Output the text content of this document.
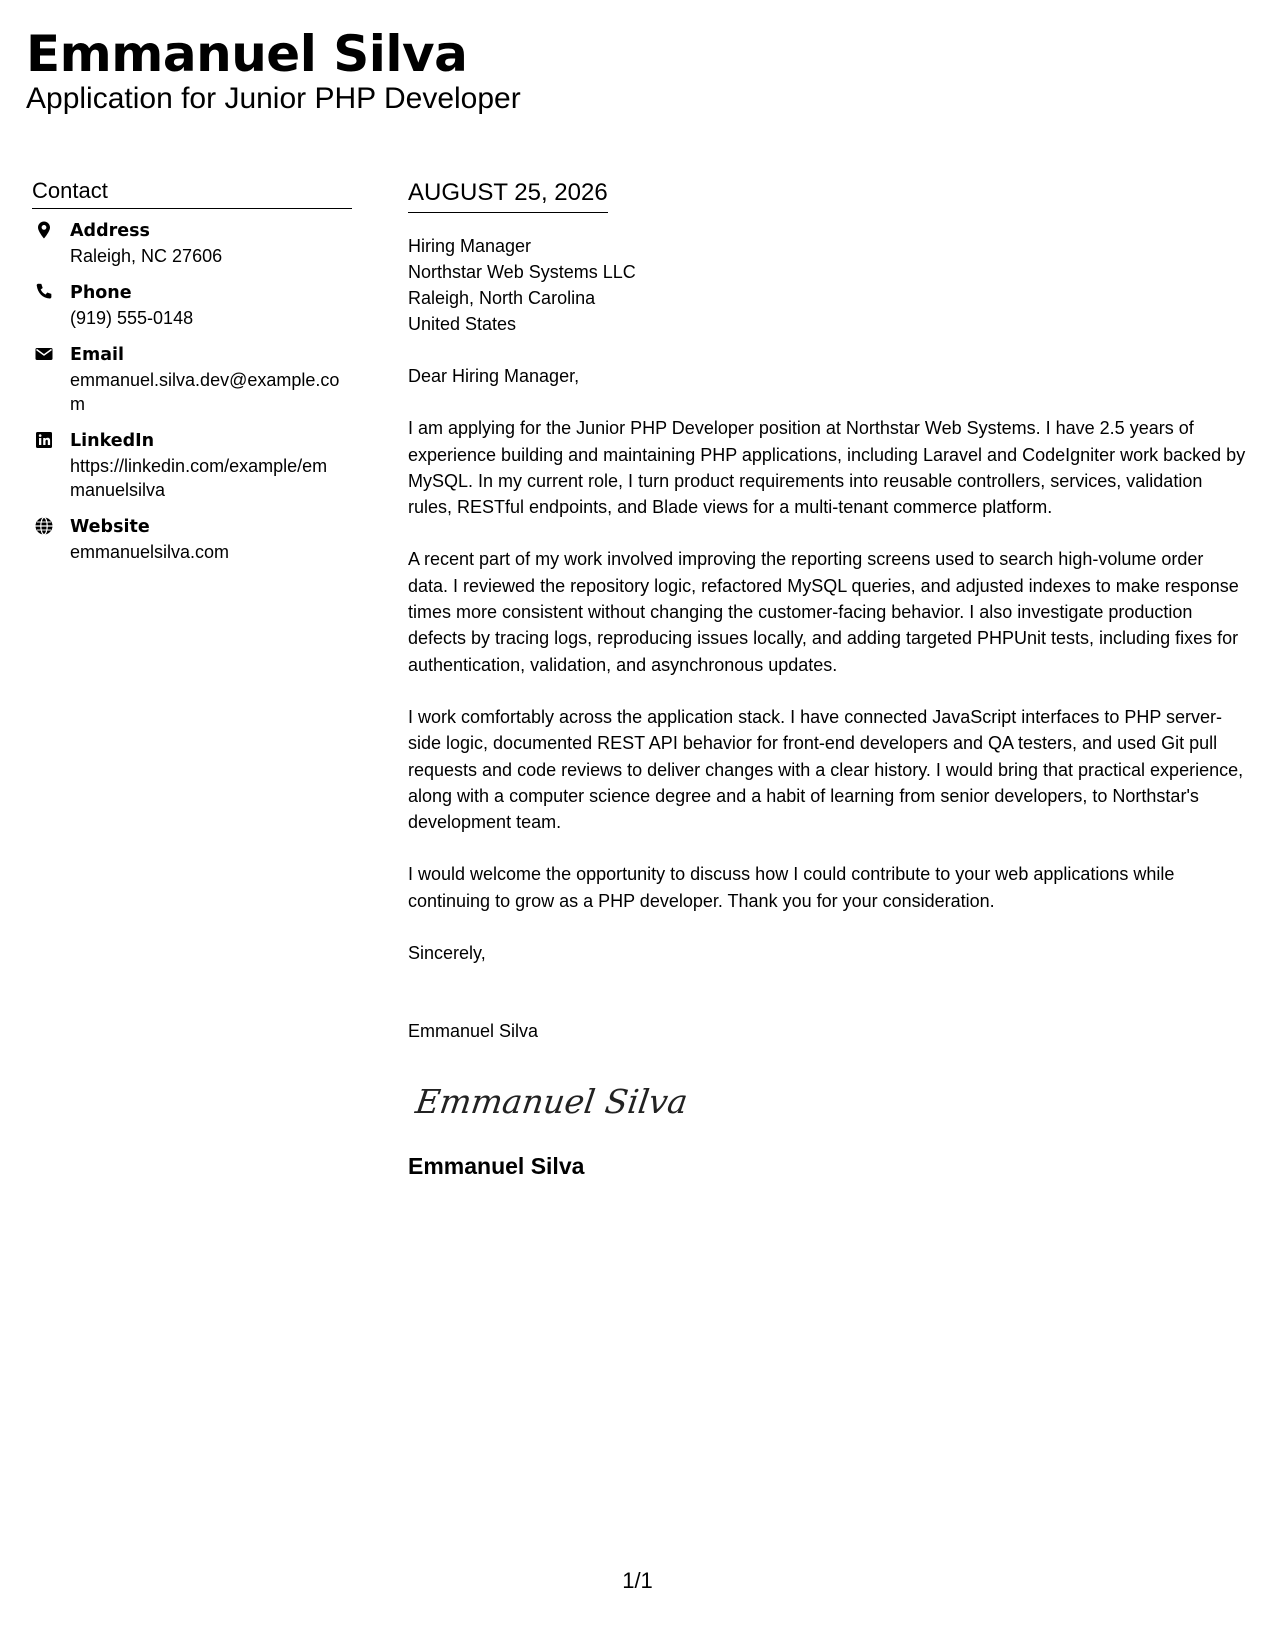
Emmanuel Silva
Application for Junior PHP Developer
Contact
Address
Raleigh, NC 27606
Phone
(919) 555-0148
Email
emmanuel.silva.dev@example.com
LinkedIn
https://linkedin.com/example/emmanuelsilva
Website
emmanuelsilva.com
AUGUST 25, 2026
Hiring Manager
Northstar Web Systems LLC
Raleigh, North Carolina
United States

Dear Hiring Manager,

I am applying for the Junior PHP Developer position at Northstar Web Systems. I have 2.5 years of experience building and maintaining PHP applications, including Laravel and CodeIgniter work backed by MySQL. In my current role, I turn product requirements into reusable controllers, services, validation rules, RESTful endpoints, and Blade views for a multi-tenant commerce platform.

A recent part of my work involved improving the reporting screens used to search high-volume order data. I reviewed the repository logic, refactored MySQL queries, and adjusted indexes to make response times more consistent without changing the customer-facing behavior. I also investigate production defects by tracing logs, reproducing issues locally, and adding targeted PHPUnit tests, including fixes for authentication, validation, and asynchronous updates.

I work comfortably across the application stack. I have connected JavaScript interfaces to PHP server-side logic, documented REST API behavior for front-end developers and QA testers, and used Git pull requests and code reviews to deliver changes with a clear history. I would bring that practical experience, along with a computer science degree and a habit of learning from senior developers, to Northstar's development team.

I would welcome the opportunity to discuss how I could contribute to your web applications while continuing to grow as a PHP developer. Thank you for your consideration.

Sincerely,

Emmanuel Silva

Emmanuel Silva
Emmanuel Silva
1/1
